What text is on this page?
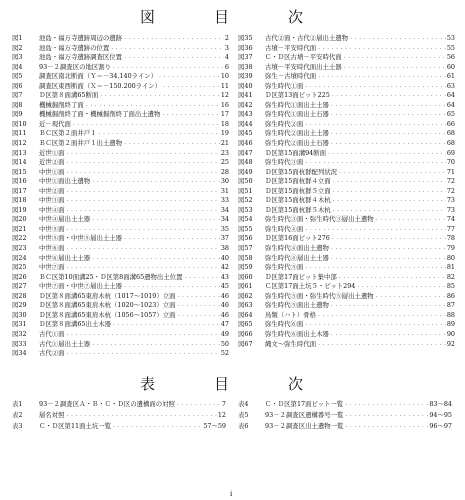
図　目　次
図1	池島・福万寺遺跡周辺の遺跡 ・・・・・・・・・・・・・・・・・・・・・・・・・・・・・・・・・・・・・・・・・・・・・・・・・・・・・・・・・・・・・・・・	2
図2	池島・福万寺遺跡の位置 ・・・・・・・・・・・・・・・・・・・・・・・・・・・・・・・・・・・・・・・・・・・・・・・・・・・・・・・・・・・・・・・・	3
図3	池島・福万寺遺跡調査区位置 ・・・・・・・・・・・・・・・・・・・・・・・・・・・・・・・・・・・・・・・・・・・・・・・・・・・・・・・・・・・・・・・・	4
図4	93－２調査区の地区割り ・・・・・・・・・・・・・・・・・・・・・・・・・・・・・・・・・・・・・・・・・・・・・・・・・・・・・・・・・・・・・・・・	6
図5	調査区南北断面（Ｙ＝－34.140ライン） ・・・・・・・・・・・・・・・・・・・・・・・・・・・・・・・・・・・・・・・・・・・・・・・・・・・・・・・・・・・・・・・・	10
図6	調査区東西断面（Ｘ＝－150.200ライン） ・・・・・・・・・・・・・・・・・・・・・・・・・・・・・・・・・・・・・・・・・・・・・・・・・・・・・・・・・・・・・・・・	11
図7	Ｄ区第８面溝65断面 ・・・・・・・・・・・・・・・・・・・・・・・・・・・・・・・・・・・・・・・・・・・・・・・・・・・・・・・・・・・・・・・・	12
図8	機械掘削終了面 ・・・・・・・・・・・・・・・・・・・・・・・・・・・・・・・・・・・・・・・・・・・・・・・・・・・・・・・・・・・・・・・・	16
図9	機械掘削終了面・機械掘削終了面出土遺物 ・・・・・・・・・・・・・・・・・・・・・・・・・・・・・・・・・・・・・・・・・・・・・・・・・・・・・・・・・・・・・・・・	17
図10	近－現代面 ・・・・・・・・・・・・・・・・・・・・・・・・・・・・・・・・・・・・・・・・・・・・・・・・・・・・・・・・・・・・・・・・	18
図11	ＢＣ区第２面井戸１ ・・・・・・・・・・・・・・・・・・・・・・・・・・・・・・・・・・・・・・・・・・・・・・・・・・・・・・・・・・・・・・・・	19
図12	ＢＣ区第２面井戸１出土遺物 ・・・・・・・・・・・・・・・・・・・・・・・・・・・・・・・・・・・・・・・・・・・・・・・・・・・・・・・・・・・・・・・・	21
図13	近世①面 ・・・・・・・・・・・・・・・・・・・・・・・・・・・・・・・・・・・・・・・・・・・・・・・・・・・・・・・・・・・・・・・・	23
図14	近世②面 ・・・・・・・・・・・・・・・・・・・・・・・・・・・・・・・・・・・・・・・・・・・・・・・・・・・・・・・・・・・・・・・・	25
図15	中世①面 ・・・・・・・・・・・・・・・・・・・・・・・・・・・・・・・・・・・・・・・・・・・・・・・・・・・・・・・・・・・・・・・・	28
図16	中世①面出土遺物 ・・・・・・・・・・・・・・・・・・・・・・・・・・・・・・・・・・・・・・・・・・・・・・・・・・・・・・・・・・・・・・・・	30
図17	中世②面 ・・・・・・・・・・・・・・・・・・・・・・・・・・・・・・・・・・・・・・・・・・・・・・・・・・・・・・・・・・・・・・・・	31
図18	中世③面 ・・・・・・・・・・・・・・・・・・・・・・・・・・・・・・・・・・・・・・・・・・・・・・・・・・・・・・・・・・・・・・・・	33
図19	中世④面 ・・・・・・・・・・・・・・・・・・・・・・・・・・・・・・・・・・・・・・・・・・・・・・・・・・・・・・・・・・・・・・・・	34
図20	中世④層出土土器 ・・・・・・・・・・・・・・・・・・・・・・・・・・・・・・・・・・・・・・・・・・・・・・・・・・・・・・・・・・・・・・・・	34
図21	中世⑤面 ・・・・・・・・・・・・・・・・・・・・・・・・・・・・・・・・・・・・・・・・・・・・・・・・・・・・・・・・・・・・・・・・	35
図22	中世⑤面・中世⑤層出土土器 ・・・・・・・・・・・・・・・・・・・・・・・・・・・・・・・・・・・・・・・・・・・・・・・・・・・・・・・・・・・・・・・・	37
図23	中世⑥面 ・・・・・・・・・・・・・・・・・・・・・・・・・・・・・・・・・・・・・・・・・・・・・・・・・・・・・・・・・・・・・・・・	38
図24	中世⑥層出土土器 ・・・・・・・・・・・・・・・・・・・・・・・・・・・・・・・・・・・・・・・・・・・・・・・・・・・・・・・・・・・・・・・・	40
図25	中世⑦面 ・・・・・・・・・・・・・・・・・・・・・・・・・・・・・・・・・・・・・・・・・・・・・・・・・・・・・・・・・・・・・・・・	42
図26	ＢＣ区第10面溝25・Ｄ区第8面溝65遺物出土位置 ・・・・・・・・・・・・・・・・・・・・・・・・・・・・・・・・・・・・・・・・・・・・・・・・・・・・・・・・・・・・・・・・	43
図27	中世⑦面・中世⑦層出土土器 ・・・・・・・・・・・・・・・・・・・・・・・・・・・・・・・・・・・・・・・・・・・・・・・・・・・・・・・・・・・・・・・・	45
図28	Ｄ区第８面溝65東肩木杭（1017～1019）立面 ・・・・・・・・・・・・・・・・・・・・・・・・・・・・・・・・・・・・・・・・・・・・・・・・・・・・・・・・・・・・・・・・	46
図29	Ｄ区第８面溝65東肩木杭（1020～1023）立面 ・・・・・・・・・・・・・・・・・・・・・・・・・・・・・・・・・・・・・・・・・・・・・・・・・・・・・・・・・・・・・・・・	46
図30	Ｄ区第８面溝65東肩木杭（1056～1057）立面 ・・・・・・・・・・・・・・・・・・・・・・・・・・・・・・・・・・・・・・・・・・・・・・・・・・・・・・・・・・・・・・・・	46
図31	Ｄ区第８面溝65出土木器 ・・・・・・・・・・・・・・・・・・・・・・・・・・・・・・・・・・・・・・・・・・・・・・・・・・・・・・・・・・・・・・・・	47
図32	古代①面 ・・・・・・・・・・・・・・・・・・・・・・・・・・・・・・・・・・・・・・・・・・・・・・・・・・・・・・・・・・・・・・・・	49
図33	古代①層出土土器 ・・・・・・・・・・・・・・・・・・・・・・・・・・・・・・・・・・・・・・・・・・・・・・・・・・・・・・・・・・・・・・・・	50
図34	古代②面 ・・・・・・・・・・・・・・・・・・・・・・・・・・・・・・・・・・・・・・・・・・・・・・・・・・・・・・・・・・・・・・・・	52
図35	古代②面・古代②層出土遺物 ・・・・・・・・・・・・・・・・・・・・・・・・・・・・・・・・・・・・・・・・・・・・・・・・・・・・・・・・・・・・・・・・	53
図36	古墳－平安時代面 ・・・・・・・・・・・・・・・・・・・・・・・・・・・・・・・・・・・・・・・・・・・・・・・・・・・・・・・・・・・・・・・・	55
図37	Ｃ・Ｄ区古墳－平安時代面 ・・・・・・・・・・・・・・・・・・・・・・・・・・・・・・・・・・・・・・・・・・・・・・・・・・・・・・・・・・・・・・・・	56
図38	古墳－平安時代面出土土器 ・・・・・・・・・・・・・・・・・・・・・・・・・・・・・・・・・・・・・・・・・・・・・・・・・・・・・・・・・・・・・・・・	60
図39	弥生－古墳時代面 ・・・・・・・・・・・・・・・・・・・・・・・・・・・・・・・・・・・・・・・・・・・・・・・・・・・・・・・・・・・・・・・・	61
図40	弥生時代①面 ・・・・・・・・・・・・・・・・・・・・・・・・・・・・・・・・・・・・・・・・・・・・・・・・・・・・・・・・・・・・・・・・	63
図41	Ｄ区第13面ピット225 ・・・・・・・・・・・・・・・・・・・・・・・・・・・・・・・・・・・・・・・・・・・・・・・・・・・・・・・・・・・・・・・・	64
図42	弥生時代①面出土土器 ・・・・・・・・・・・・・・・・・・・・・・・・・・・・・・・・・・・・・・・・・・・・・・・・・・・・・・・・・・・・・・・・	64
図43	弥生時代①面出土石器 ・・・・・・・・・・・・・・・・・・・・・・・・・・・・・・・・・・・・・・・・・・・・・・・・・・・・・・・・・・・・・・・・	65
図44	弥生時代②面 ・・・・・・・・・・・・・・・・・・・・・・・・・・・・・・・・・・・・・・・・・・・・・・・・・・・・・・・・・・・・・・・・	66
図45	弥生時代②面出土土器 ・・・・・・・・・・・・・・・・・・・・・・・・・・・・・・・・・・・・・・・・・・・・・・・・・・・・・・・・・・・・・・・・	68
図46	弥生時代②面出土石器 ・・・・・・・・・・・・・・・・・・・・・・・・・・・・・・・・・・・・・・・・・・・・・・・・・・・・・・・・・・・・・・・・	68
図47	Ｄ区第15面溝94断面 ・・・・・・・・・・・・・・・・・・・・・・・・・・・・・・・・・・・・・・・・・・・・・・・・・・・・・・・・・・・・・・・・	69
図48	弥生時代③面 ・・・・・・・・・・・・・・・・・・・・・・・・・・・・・・・・・・・・・・・・・・・・・・・・・・・・・・・・・・・・・・・・	70
図49	Ｄ区第15面杭群配列状況 ・・・・・・・・・・・・・・・・・・・・・・・・・・・・・・・・・・・・・・・・・・・・・・・・・・・・・・・・・・・・・・・・	71
図50	Ｄ区第15面杭群４立面 ・・・・・・・・・・・・・・・・・・・・・・・・・・・・・・・・・・・・・・・・・・・・・・・・・・・・・・・・・・・・・・・・	72
図51	Ｄ区第15面杭群５立面 ・・・・・・・・・・・・・・・・・・・・・・・・・・・・・・・・・・・・・・・・・・・・・・・・・・・・・・・・・・・・・・・・	72
図52	Ｄ区第15面杭群４木杭 ・・・・・・・・・・・・・・・・・・・・・・・・・・・・・・・・・・・・・・・・・・・・・・・・・・・・・・・・・・・・・・・・	73
図53	Ｄ区第15面杭群５木杭 ・・・・・・・・・・・・・・・・・・・・・・・・・・・・・・・・・・・・・・・・・・・・・・・・・・・・・・・・・・・・・・・・	73
図54	弥生時代③面・弥生時代③層出土遺物 ・・・・・・・・・・・・・・・・・・・・・・・・・・・・・・・・・・・・・・・・・・・・・・・・・・・・・・・・・・・・・・・・	74
図55	弥生時代④面 ・・・・・・・・・・・・・・・・・・・・・・・・・・・・・・・・・・・・・・・・・・・・・・・・・・・・・・・・・・・・・・・・	77
図56	Ｄ区第16面ピット276 ・・・・・・・・・・・・・・・・・・・・・・・・・・・・・・・・・・・・・・・・・・・・・・・・・・・・・・・・・・・・・・・・	78
図57	弥生時代④面出土遺物 ・・・・・・・・・・・・・・・・・・・・・・・・・・・・・・・・・・・・・・・・・・・・・・・・・・・・・・・・・・・・・・・・	79
図58	弥生時代④層出土土器 ・・・・・・・・・・・・・・・・・・・・・・・・・・・・・・・・・・・・・・・・・・・・・・・・・・・・・・・・・・・・・・・・	80
図59	弥生時代⑤面 ・・・・・・・・・・・・・・・・・・・・・・・・・・・・・・・・・・・・・・・・・・・・・・・・・・・・・・・・・・・・・・・・	81
図60	Ｄ区第17面ピット集中部 ・・・・・・・・・・・・・・・・・・・・・・・・・・・・・・・・・・・・・・・・・・・・・・・・・・・・・・・・・・・・・・・・	82
図61	Ｃ区第17面土坑５・ピット294 ・・・・・・・・・・・・・・・・・・・・・・・・・・・・・・・・・・・・・・・・・・・・・・・・・・・・・・・・・・・・・・・・	85
図62	弥生時代⑤面・弥生時代⑤層出土遺物 ・・・・・・・・・・・・・・・・・・・・・・・・・・・・・・・・・・・・・・・・・・・・・・・・・・・・・・・・・・・・・・・・	86
図63	弥生時代⑤面出土遺物 ・・・・・・・・・・・・・・・・・・・・・・・・・・・・・・・・・・・・・・・・・・・・・・・・・・・・・・・・・・・・・・・・	87
図64	鳥類（ハト）骨格 ・・・・・・・・・・・・・・・・・・・・・・・・・・・・・・・・・・・・・・・・・・・・・・・・・・・・・・・・・・・・・・・・	88
図65	弥生時代⑥面 ・・・・・・・・・・・・・・・・・・・・・・・・・・・・・・・・・・・・・・・・・・・・・・・・・・・・・・・・・・・・・・・・	89
図66	弥生時代⑥面出土木器 ・・・・・・・・・・・・・・・・・・・・・・・・・・・・・・・・・・・・・・・・・・・・・・・・・・・・・・・・・・・・・・・・	90
図67	縄文～弥生時代面 ・・・・・・・・・・・・・・・・・・・・・・・・・・・・・・・・・・・・・・・・・・・・・・・・・・・・・・・・・・・・・・・・	92
表　目　次
表1	93－２調査区Ａ・Ｂ・Ｃ・Ｄ区の遺構面の対照 ・・・・・・・・・・・・・・・・・・・・・・・・・・・・・・・・・・・・・・・・・・・・・・・・・・・・・・・・・・・・・・・・	7
表2	層名対照 ・・・・・・・・・・・・・・・・・・・・・・・・・・・・・・・・・・・・・・・・・・・・・・・・・・・・・・・・・・・・・・・・	12
表3	Ｃ・Ｄ区第11面土坑一覧 ・・・・・・・・・・・・・・・・・・・・・・・・・・・・・・・・・・・・・・・・・・・・・・・・・・・・・・・・・・・・・・・・	57～59
表4	Ｃ・Ｄ区第17面ピット一覧 ・・・・・・・・・・・・・・・・・・・・・・・・・・・・・・・・・・・・・・・・・・・・・・・・・・・・・・・・・・・・・・・・	83～84
表5	93－２調査区遺構番号一覧 ・・・・・・・・・・・・・・・・・・・・・・・・・・・・・・・・・・・・・・・・・・・・・・・・・・・・・・・・・・・・・・・・	94～95
表6	93－２調査区出土遺物一覧 ・・・・・・・・・・・・・・・・・・・・・・・・・・・・・・・・・・・・・・・・・・・・・・・・・・・・・・・・・・・・・・・・	96～97
i
